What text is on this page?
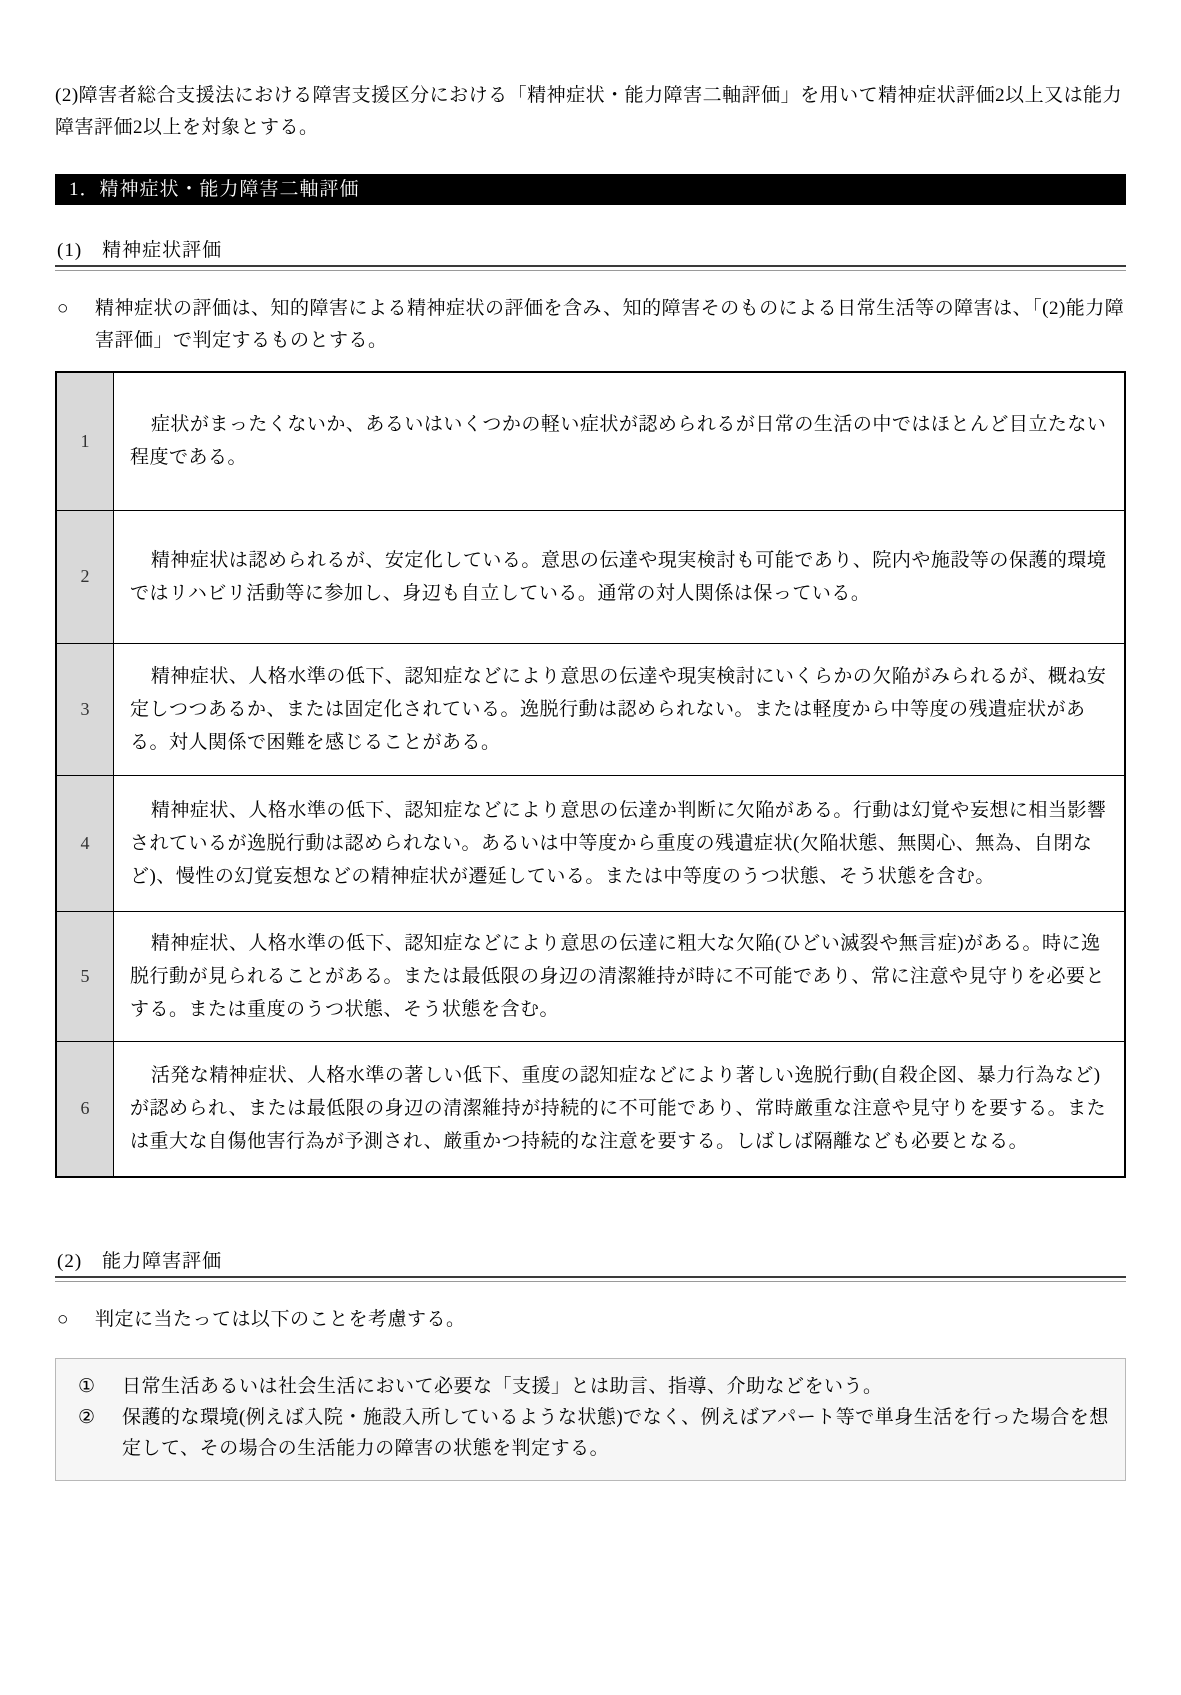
(2)障害者総合支援法における障害支援区分における「精神症状・能力障害二軸評価」を用いて精神症状評価2以上又は能力障害評価2以上を対象とする。

1．精神症状・能力障害二軸評価
(1)　精神症状評価
○	精神症状の評価は、知的障害による精神症状の評価を含み、知的障害そのものによる日常生活等の障害は、「(2)能力障害評価」で判定するものとする。
1	症状がまったくないか、あるいはいくつかの軽い症状が認められるが日常の生活の中ではほとんど目立たない程度である。

2	精神症状は認められるが、安定化している。意思の伝達や現実検討も可能であり、院内や施設等の保護的環境ではリハビリ活動等に参加し、身辺も自立している。通常の対人関係は保っている。

3	精神症状、人格水準の低下、認知症などにより意思の伝達や現実検討にいくらかの欠陥がみられるが、概ね安定しつつあるか、または固定化されている。逸脱行動は認められない。または軽度から中等度の残遺症状がある。対人関係で困難を感じることがある。

4	精神症状、人格水準の低下、認知症などにより意思の伝達か判断に欠陥がある。行動は幻覚や妄想に相当影響されているが逸脱行動は認められない。あるいは中等度から重度の残遺症状(欠陥状態、無関心、無為、自閉など)、慢性の幻覚妄想などの精神症状が遷延している。または中等度のうつ状態、そう状態を含む。

5	精神症状、人格水準の低下、認知症などにより意思の伝達に粗大な欠陥(ひどい滅裂や無言症)がある。時に逸脱行動が見られることがある。または最低限の身辺の清潔維持が時に不可能であり、常に注意や見守りを必要とする。または重度のうつ状態、そう状態を含む。

6	活発な精神症状、人格水準の著しい低下、重度の認知症などにより著しい逸脱行動(自殺企図、暴力行為など)が認められ、または最低限の身辺の清潔維持が持続的に不可能であり、常時厳重な注意や見守りを要する。または重大な自傷他害行為が予測され、厳重かつ持続的な注意を要する。しばしば隔離なども必要となる。

(2)　能力障害評価
○	判定に当たっては以下のことを考慮する。
①	日常生活あるいは社会生活において必要な「支援」とは助言、指導、介助などをいう。
②	保護的な環境(例えば入院・施設入所しているような状態)でなく、例えばアパート等で単身生活を行った場合を想定して、その場合の生活能力の障害の状態を判定する。
